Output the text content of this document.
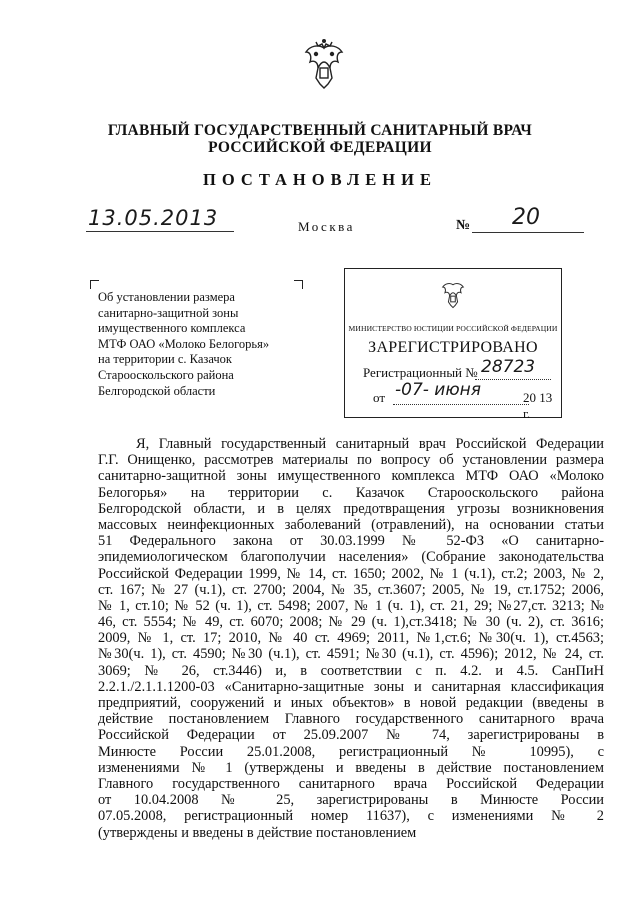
ГЛАВНЫЙ ГОСУДАРСТВЕННЫЙ САНИТАРНЫЙ ВРАЧ
РОССИЙСКОЙ ФЕДЕРАЦИИ
ПОСТАНОВЛЕНИЕ
13.05.2013	Москва	№ 20
Об установлении размера
санитарно-защитной зоны
имущественного комплекса
МТФ ОАО «Молоко Белогорья»
на территории с. Казачок
Старооскольского района
Белгородской области
МИНИСТЕРСТВО ЮСТИЦИИ РОССИЙСКОЙ ФЕДЕРАЦИИ
ЗАРЕГИСТРИРОВАНО
Регистрационный № 28723
от -07- июня	20 13 г.
Я, Главный государственный санитарный врач Российской Федерации
Г.Г. Онищенко, рассмотрев материалы по вопросу об установлении размера
санитарно-защитной зоны имущественного комплекса МТФ ОАО «Молоко
Белогорья» на территории с. Казачок Старооскольского района
Белгородской области, и в целях предотвращения угрозы возникновения
массовых неинфекционных заболеваний (отравлений), на основании статьи
51 Федерального закона от 30.03.1999 № 52-ФЗ «О санитарно-
эпидемиологическом благополучии населения» (Собрание законодательства
Российской Федерации 1999, № 14, ст. 1650; 2002, № 1 (ч.1), ст.2; 2003, № 2,
ст. 167; № 27 (ч.1), ст. 2700; 2004, № 35, ст.3607; 2005, № 19, ст.1752; 2006,
№ 1, ст.10; № 52 (ч. 1), ст. 5498; 2007, № 1 (ч. 1), ст. 21, 29; №27,ст. 3213; №
46, ст. 5554; № 49, ст. 6070; 2008; № 29 (ч. 1),ст.3418; № 30 (ч. 2), ст. 3616;
2009, № 1, ст. 17; 2010, № 40 ст. 4969; 2011, №1,ст.6; №30(ч. 1), ст.4563;
№30(ч. 1), ст. 4590; №30 (ч.1), ст. 4591; №30 (ч.1), ст. 4596); 2012, № 24, ст.
3069; № 26, ст.3446) и, в соответствии с п. 4.2. и 4.5. СанПиН
2.2.1./2.1.1.1200-03 «Санитарно-защитные зоны и санитарная классификация
предприятий, сооружений и иных объектов» в новой редакции (введены в
действие постановлением Главного государственного санитарного врача
Российской Федерации от 25.09.2007 № 74, зарегистрированы в
Минюсте России 25.01.2008, регистрационный № 10995), с
изменениями № 1 (утверждены и введены в действие постановлением
Главного государственного санитарного врача Российской Федерации
от 10.04.2008 № 25, зарегистрированы в Минюсте России
07.05.2008, регистрационный номер 11637), с изменениями № 2
(утверждены и введены в действие постановлением
